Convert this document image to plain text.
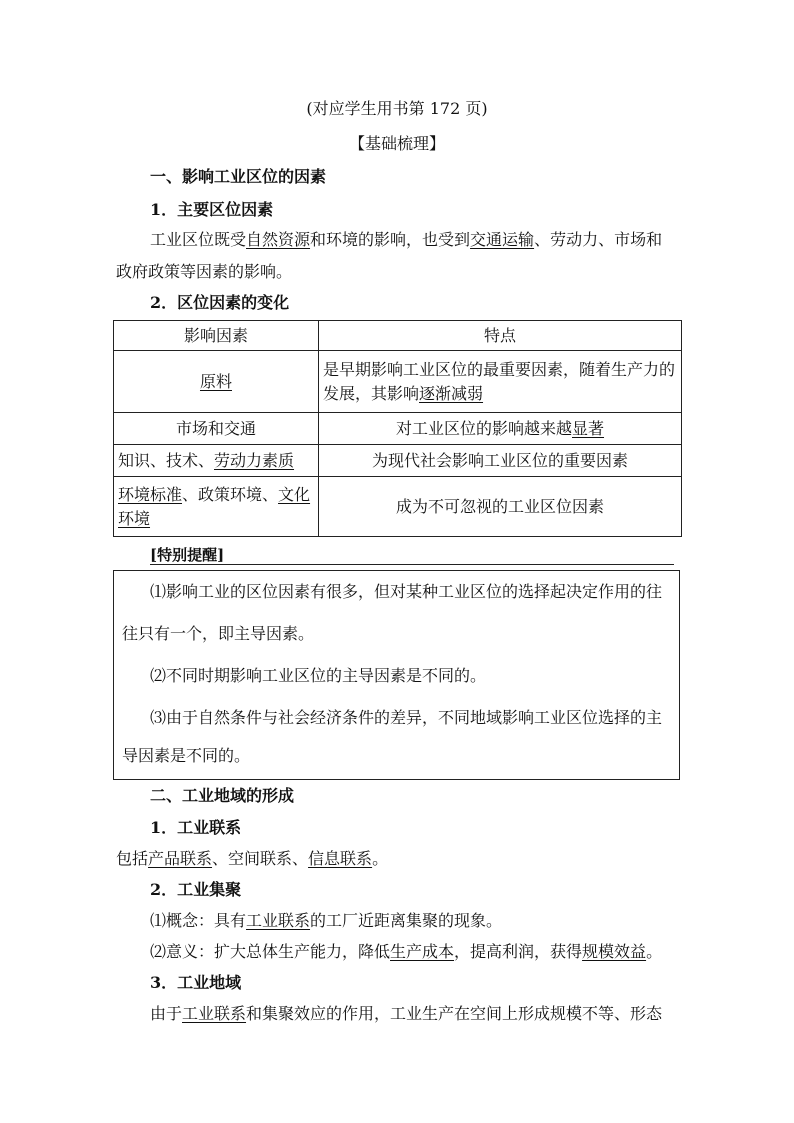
(对应学生用书第 172 页)
【基础梳理】
一、影响工业区位的因素
1．主要区位因素
工业区位既受自然资源和环境的影响，也受到交通运输、劳动力、市场和
政府政策等因素的影响。
2．区位因素的变化
影响因素	特点
原料	是早期影响工业区位的最重要因素，随着生产力的
发展，其影响逐渐减弱

市场和交通	对工业区位的影响越来越显著
知识、技术、劳动力素质	为现代社会影响工业区位的重要因素

环境标准、政策环境、文化
环境	成为不可忽视的工业区位因素
[特别提醒]

⑴影响工业的区位因素有很多，但对某种工业区位的选择起决定作用的往

往只有一个，即主导因素。

⑵不同时期影响工业区位的主导因素是不同的。

⑶由于自然条件与社会经济条件的差异，不同地域影响工业区位选择的主

导因素是不同的。

二、工业地域的形成
1．工业联系
包括产品联系、空间联系、信息联系。
2．工业集聚
⑴概念：具有工业联系的工厂近距离集聚的现象。
⑵意义：扩大总体生产能力，降低生产成本，提高利润，获得规模效益。
3．工业地域
由于工业联系和集聚效应的作用，工业生产在空间上形成规模不等、形态
